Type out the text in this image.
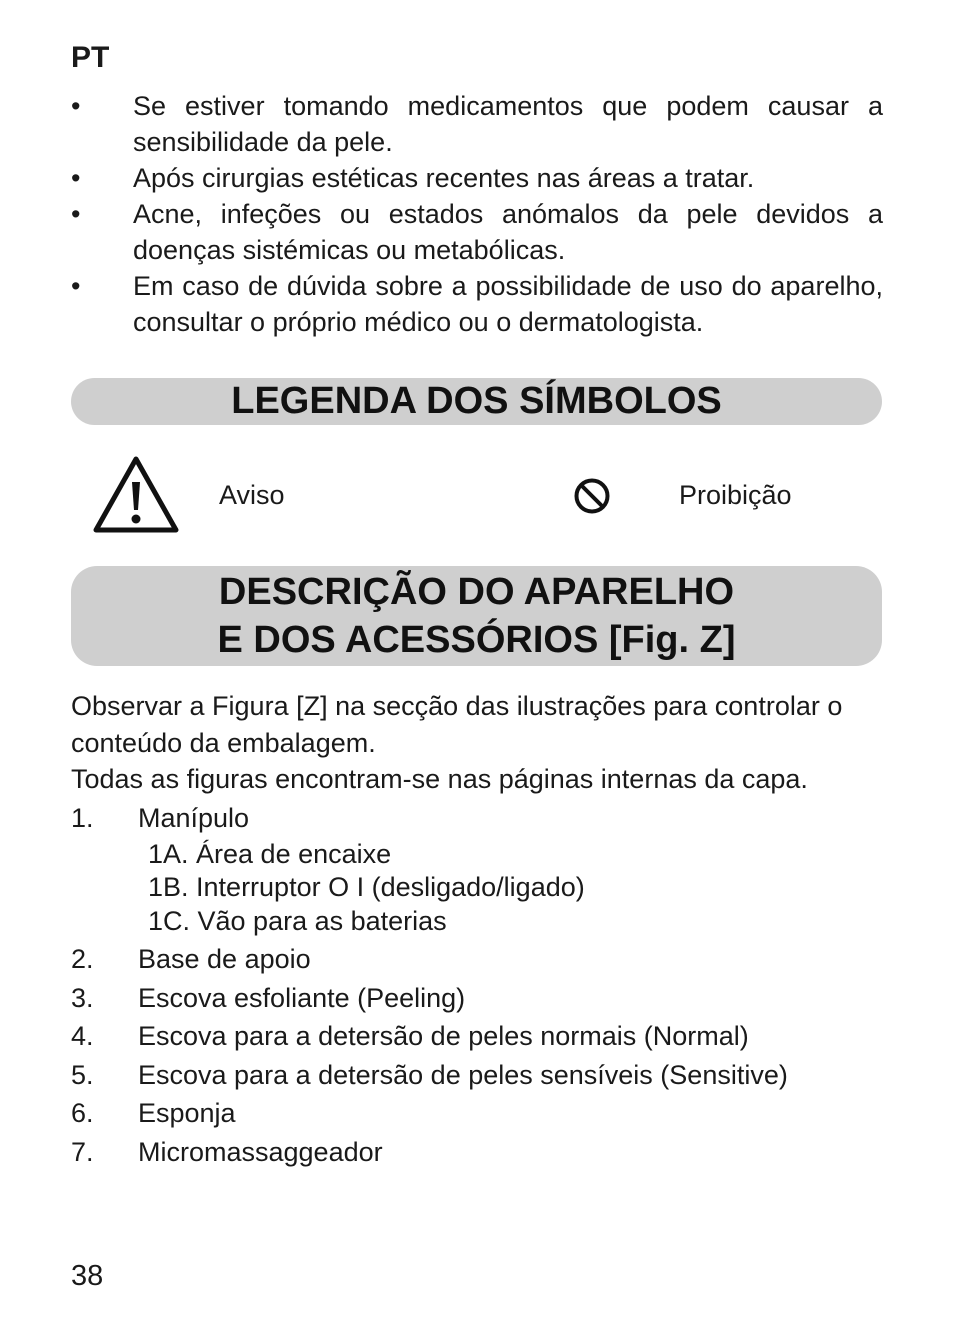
PT
• Se estiver tomando medicamentos que podem causar a sensibilidade da pele.
• Após cirurgias estéticas recentes nas áreas a tratar.
• Acne, infeções ou estados anómalos da pele devidos a doenças sistémicas ou metabólicas.
• Em caso de dúvida sobre a possibilidade de uso do aparelho, consultar o próprio médico ou o dermatologista.
LEGENDA DOS SÍMBOLOS
Aviso	Proibição
DESCRIÇÃO DO APARELHO
E DOS ACESSÓRIOS [Fig. Z]
Observar a Figura [Z] na secção das ilustrações para controlar o conteúdo da embalagem.
Todas as figuras encontram-se nas páginas internas da capa.
1. Manípulo
1A. Área de encaixe
1B. Interruptor O I (desligado/ligado)
1C. Vão para as baterias
2. Base de apoio
3. Escova esfoliante (Peeling)
4. Escova para a detersão de peles normais (Normal)
5. Escova para a detersão de peles sensíveis (Sensitive)
6. Esponja
7. Micromassaggeador

38
